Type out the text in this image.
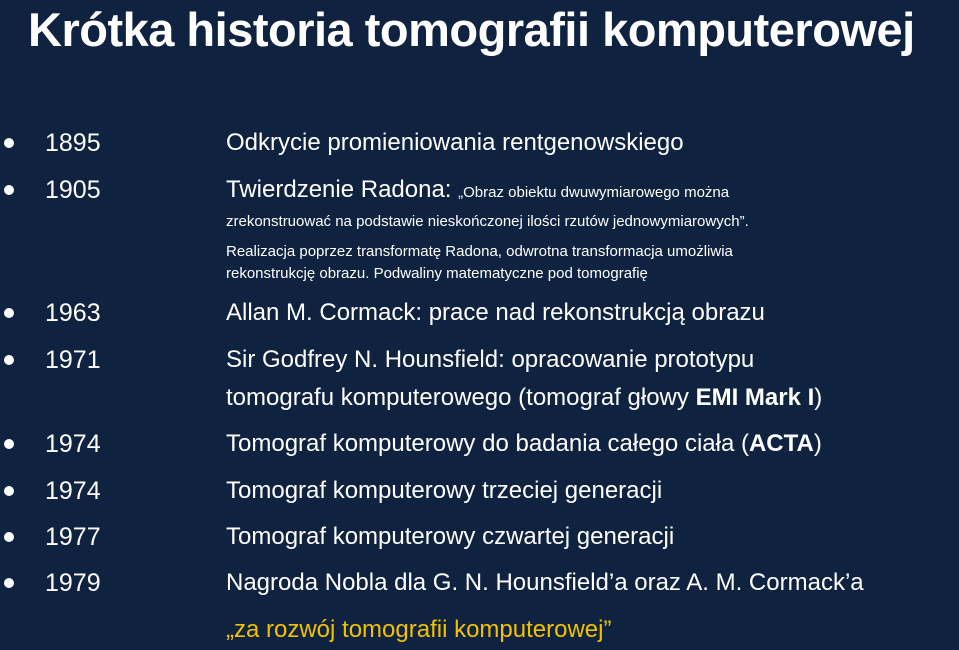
Krótka historia tomografii komputerowej
1895	Odkrycie promieniowania rentgenowskiego
1905	Twierdzenie Radona: „Obraz obiektu dwuwymiarowego można
zrekonstruować na podstawie nieskończonej ilości rzutów jednowymiarowych”.
Realizacja poprzez transformatę Radona, odwrotna transformacja umożliwia
rekonstrukcję obrazu. Podwaliny matematyczne pod tomografię
1963	Allan M. Cormack: prace nad rekonstrukcją obrazu
1971	Sir Godfrey N. Hounsfield: opracowanie prototypu
tomografu komputerowego (tomograf głowy EMI Mark I)
1974	Tomograf komputerowy do badania całego ciała (ACTA)
1974	Tomograf komputerowy trzeciej generacji
1977	Tomograf komputerowy czwartej generacji
1979	Nagroda Nobla dla G. N. Hounsfield’a oraz A. M. Cormack’a
„za rozwój tomografii komputerowej”
